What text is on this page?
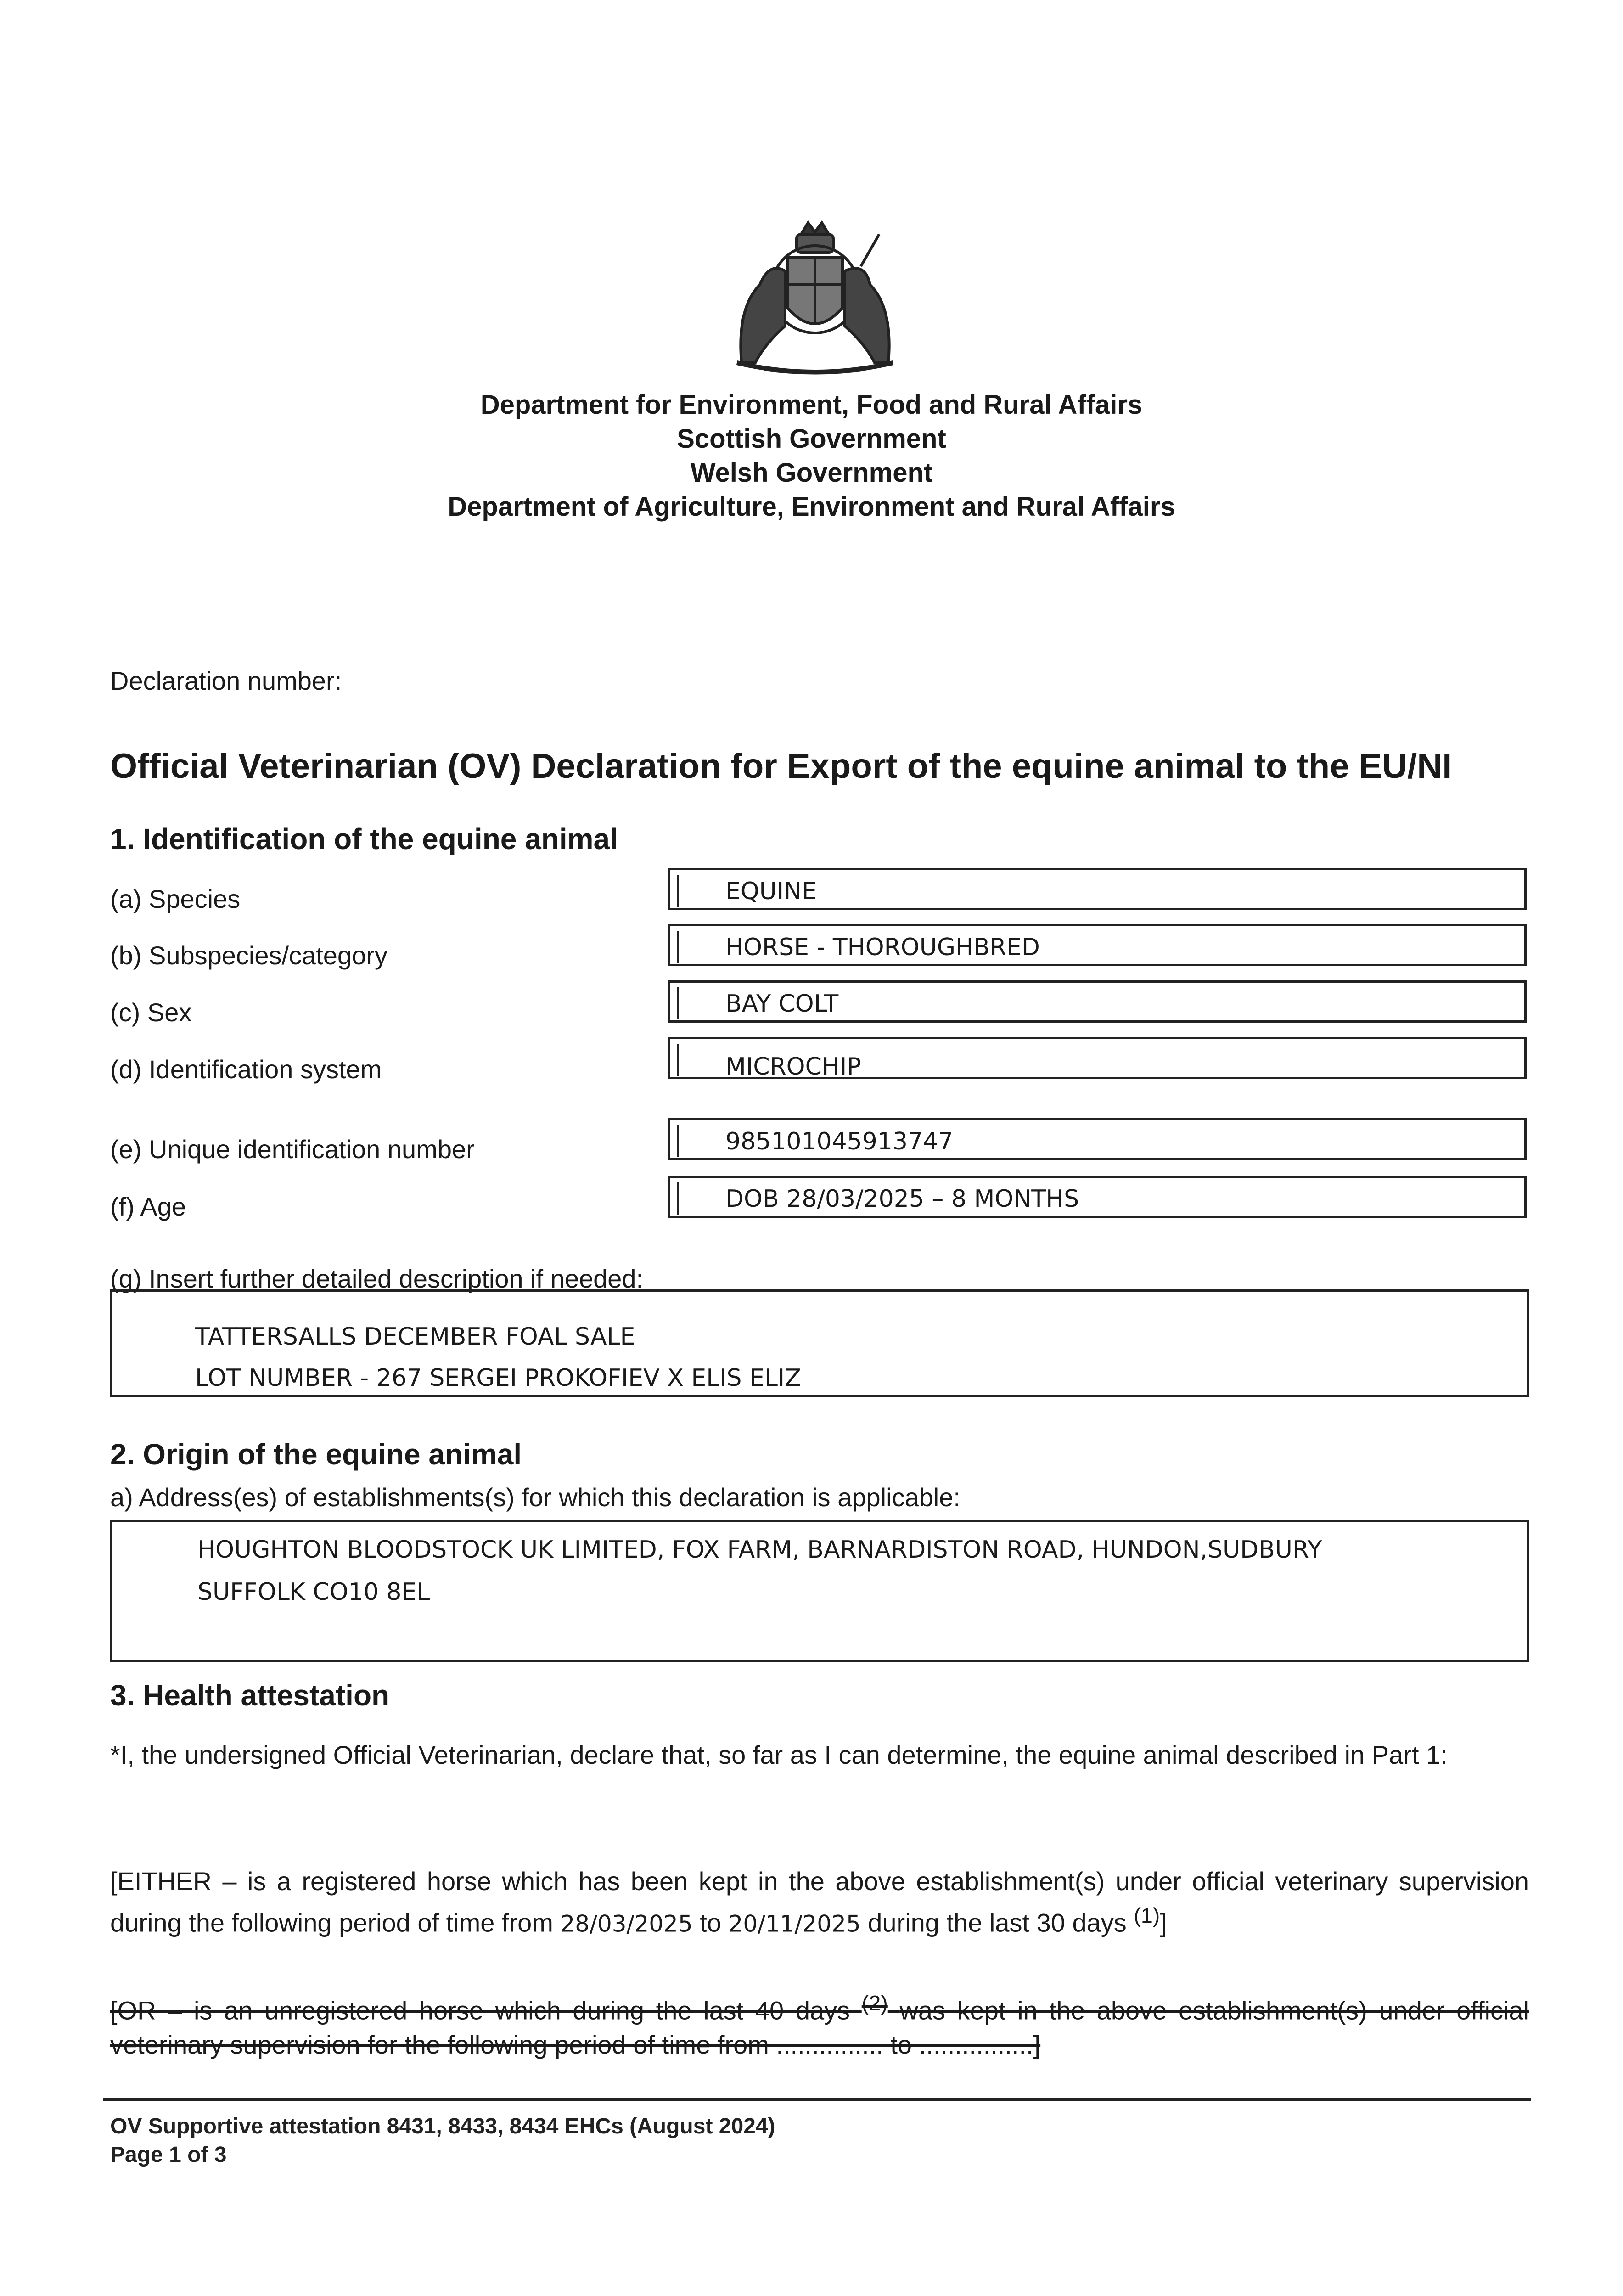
Department for Environment, Food and Rural Affairs
Scottish Government
Welsh Government
Department of Agriculture, Environment and Rural Affairs
Declaration number:
Official Veterinarian (OV) Declaration for Export of the equine animal to the EU/NI
1. Identification of the equine animal
(a) Species	EQUINE
(b) Subspecies/category	HORSE - THOROUGHBRED
(c) Sex	BAY COLT
(d) Identification system	MICROCHIP
(e) Unique identification number	985101045913747
(f) Age	DOB 28/03/2025 – 8 MONTHS
(g) Insert further detailed description if needed:
TATTERSALLS DECEMBER FOAL SALE
LOT NUMBER - 267 SERGEI PROKOFIEV X ELIS ELIZ
2. Origin of the equine animal
a) Address(es) of establishments(s) for which this declaration is applicable:
HOUGHTON BLOODSTOCK UK LIMITED, FOX FARM, BARNARDISTON ROAD, HUNDON,SUDBURY
SUFFOLK CO10 8EL
3. Health attestation
*I, the undersigned Official Veterinarian, declare that, so far as I can determine, the equine animal described in Part 1:
[EITHER – is a registered horse which has been kept in the above establishment(s) under official veterinary supervision during the following period of time from 28/03/2025 to 20/11/2025 during the last 30 days $^{(1)}$]
[OR – is an unregistered horse which during the last 40 days $^{(2)}$ was kept in the above establishment(s) under official veterinary supervision for the following period of time from ............... to ................]
OV Supportive attestation 8431, 8433, 8434 EHCs (August 2024)
Page 1 of 3
